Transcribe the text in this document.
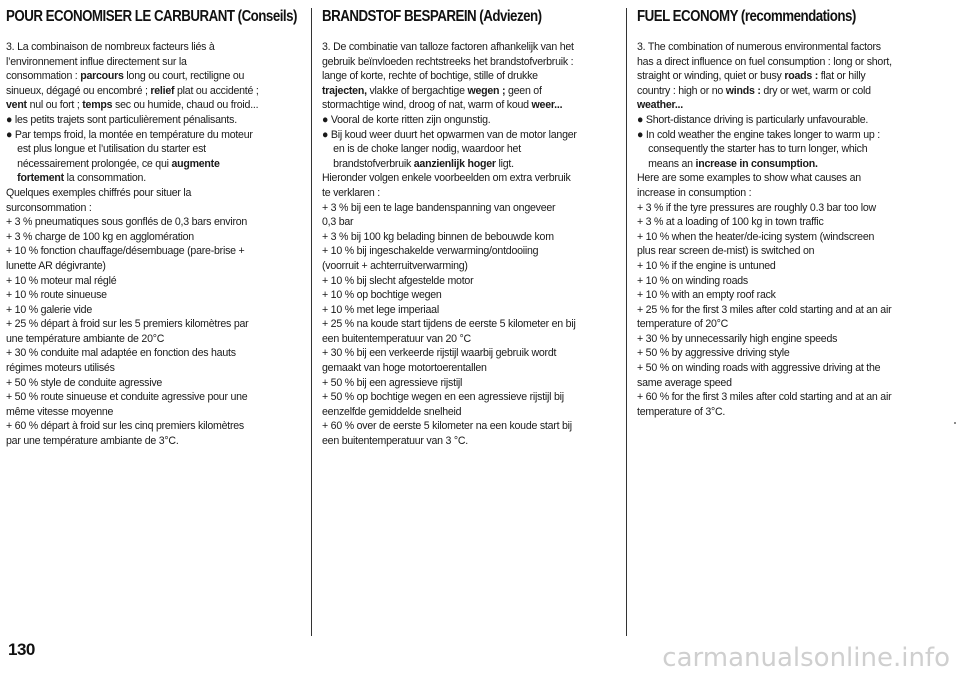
POUR ECONOMISER LE CARBURANT (Conseils)

3. La combinaison de nombreux facteurs liés à

l’environnement influe directement sur la

consommation : parcours long ou court, rectiligne ou

sinueux, dégagé ou encombré ; relief plat ou accidenté ;

vent nul ou fort ; temps sec ou humide, chaud ou froid...

● les petits trajets sont particulièrement pénalisants.

● Par temps froid, la montée en température du moteur

est plus longue et l’utilisation du starter est

nécessairement prolongée, ce qui augmente

fortement la consommation.

Quelques exemples chiffrés pour situer la

surconsommation :

+ 3 % pneumatiques sous gonflés de 0,3 bars environ

+ 3 % charge de 100 kg en agglomération

+ 10 % fonction chauffage/désembuage (pare-brise +

lunette AR dégivrante)

+ 10 % moteur mal réglé

+ 10 % route sinueuse

+ 10 % galerie vide

+ 25 % départ à froid sur les 5 premiers kilomètres par

une température ambiante de 20°C

+ 30 % conduite mal adaptée en fonction des hauts

régimes moteurs utilisés

+ 50 % style de conduite agressive

+ 50 % route sinueuse et conduite agressive pour une

même vitesse moyenne

+ 60 % départ à froid sur les cinq premiers kilomètres

par une température ambiante de 3°C.

BRANDSTOF BESPAREIN (Adviezen)

3. De combinatie van talloze factoren afhankelijk van het

gebruik beïnvloeden rechtstreeks het brandstofverbruik :

lange of korte, rechte of bochtige, stille of drukke

trajecten, vlakke of bergachtige wegen ; geen of

stormachtige wind, droog of nat, warm of koud weer...

● Vooral de korte ritten zijn ongunstig.

● Bij koud weer duurt het opwarmen van de motor langer

en is de choke langer nodig, waardoor het

brandstofverbruik aanzienlijk hoger ligt.

Hieronder volgen enkele voorbeelden om extra verbruik

te verklaren :

+ 3 % bij een te lage bandenspanning van ongeveer

0,3 bar

+ 3 % bij 100 kg belading binnen de bebouwde kom

+ 10 % bij ingeschakelde verwarming/ontdooiing

(voorruit + achterruitverwarming)

+ 10 % bij slecht afgestelde motor

+ 10 % op bochtige wegen

+ 10 % met lege imperiaal

+ 25 % na koude start tijdens de eerste 5 kilometer en bij

een buitentemperatuur van 20 °C

+ 30 % bij een verkeerde rijstijl waarbij gebruik wordt

gemaakt van hoge motortoerentallen

+ 50 % bij een agressieve rijstijl

+ 50 % op bochtige wegen en een agressieve rijstijl bij

eenzelfde gemiddelde snelheid

+ 60 % over de eerste 5 kilometer na een koude start bij

een buitentemperatuur van 3 °C.

FUEL ECONOMY (recommendations)

3. The combination of numerous environmental factors

has a direct influence on fuel consumption : long or short,

straight or winding, quiet or busy roads : flat or hilly

country : high or no winds : dry or wet, warm or cold

weather...

● Short-distance driving is particularly unfavourable.

● In cold weather the engine takes longer to warm up :

consequently the starter has to turn longer, which

means an increase in consumption.

Here are some examples to show what causes an

increase in consumption :

+ 3 % if the tyre pressures are roughly 0.3 bar too low

+ 3 % at a loading of 100 kg in town traffic

+ 10 % when the heater/de-icing system (windscreen

plus rear screen de-mist) is switched on

+ 10 % if the engine is untuned

+ 10 % on winding roads

+ 10 % with an empty roof rack

+ 25 % for the first 3 miles after cold starting and at an air

temperature of 20°C

+ 30 % by unnecessarily high engine speeds

+ 50 % by aggressive driving style

+ 50 % on winding roads with aggressive driving at the

same average speed

+ 60 % for the first 3 miles after cold starting and at an air

temperature of 3°C.

130	carmanualsonline.info
